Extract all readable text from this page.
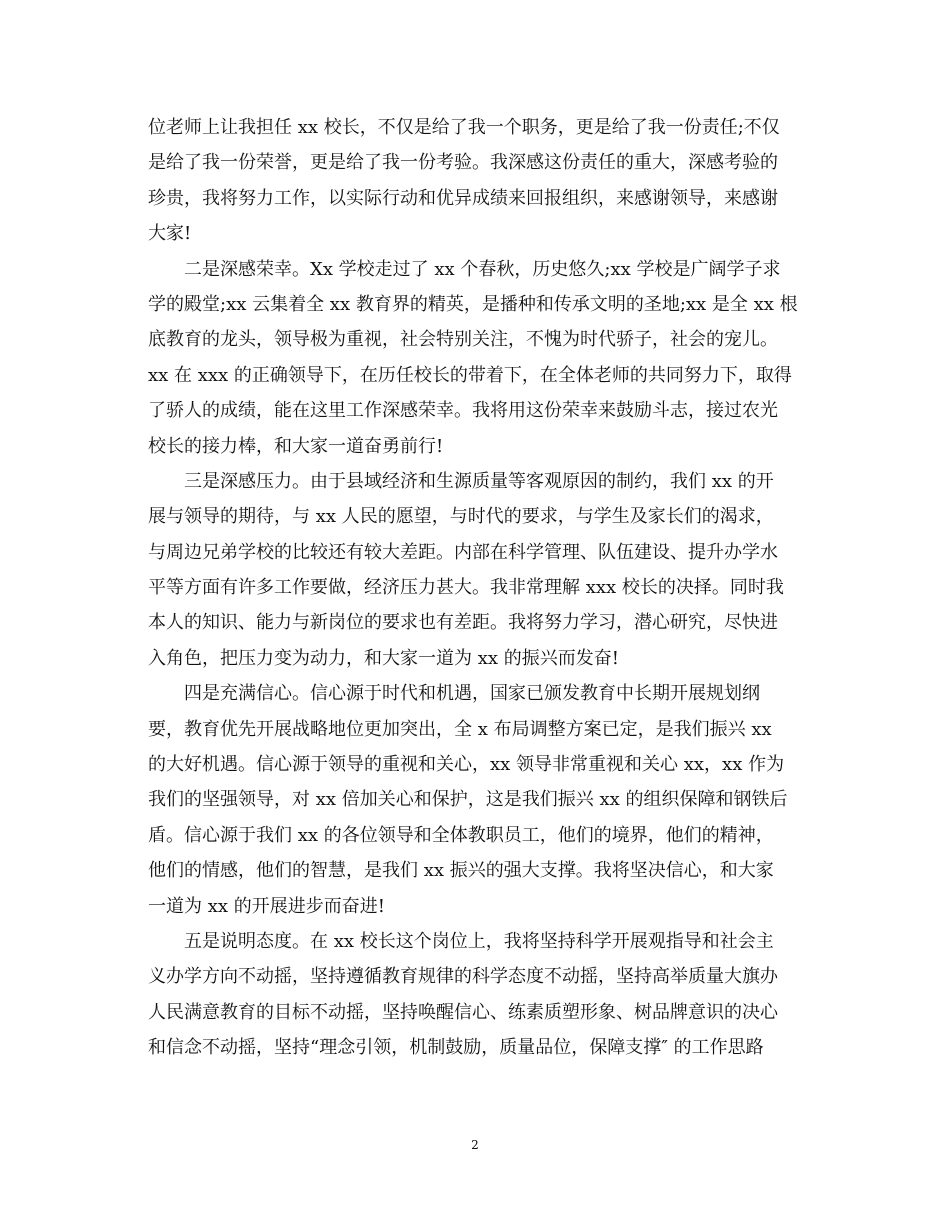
位老师上让我担任 xx 校长，不仅是给了我一个职务，更是给了我一份责任;不仅
是给了我一份荣誉，更是给了我一份考验。我深感这份责任的重大，深感考验的
珍贵，我将努力工作，以实际行动和优异成绩来回报组织，来感谢领导，来感谢
大家!
　　二是深感荣幸。Xx 学校走过了 xx 个春秋，历史悠久;xx 学校是广阔学子求
学的殿堂;xx 云集着全 xx 教育界的精英，是播种和传承文明的圣地;xx 是全 xx 根
底教育的龙头，领导极为重视，社会特别关注，不愧为时代骄子，社会的宠儿。
xx 在 xxx 的正确领导下，在历任校长的带着下，在全体老师的共同努力下，取得
了骄人的成绩，能在这里工作深感荣幸。我将用这份荣幸来鼓励斗志，接过农光
校长的接力棒，和大家一道奋勇前行!
　　三是深感压力。由于县域经济和生源质量等客观原因的制约，我们 xx 的开
展与领导的期待，与 xx 人民的愿望，与时代的要求，与学生及家长们的渴求，
与周边兄弟学校的比较还有较大差距。内部在科学管理、队伍建设、提升办学水
平等方面有许多工作要做，经济压力甚大。我非常理解 xxx 校长的决择。同时我
本人的知识、能力与新岗位的要求也有差距。我将努力学习，潜心研究，尽快进
入角色，把压力变为动力，和大家一道为 xx 的振兴而发奋!
　　四是充满信心。信心源于时代和机遇，国家已颁发教育中长期开展规划纲
要，教育优先开展战略地位更加突出，全 x 布局调整方案已定，是我们振兴 xx
的大好机遇。信心源于领导的重视和关心，xx 领导非常重视和关心 xx，xx 作为
我们的坚强领导，对 xx 倍加关心和保护，这是我们振兴 xx 的组织保障和钢铁后
盾。信心源于我们 xx 的各位领导和全体教职员工，他们的境界，他们的精神，
他们的情感，他们的智慧，是我们 xx 振兴的强大支撑。我将坚决信心，和大家
一道为 xx 的开展进步而奋进!
　　五是说明态度。在 xx 校长这个岗位上，我将坚持科学开展观指导和社会主
义办学方向不动摇，坚持遵循教育规律的科学态度不动摇，坚持高举质量大旗办
人民满意教育的目标不动摇，坚持唤醒信心、练素质塑形象、树品牌意识的决心
和信念不动摇，坚持“理念引领，机制鼓励，质量品位，保障支撑″ 的工作思路
2
